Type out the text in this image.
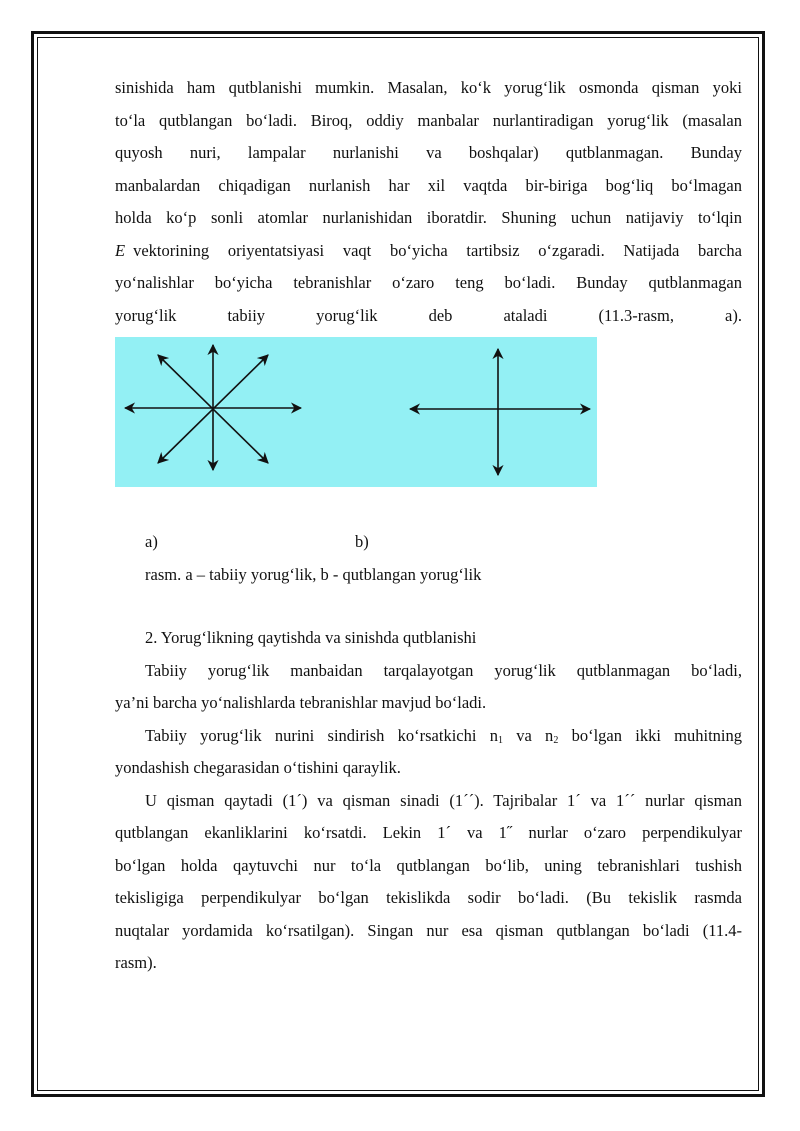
sinishida ham qutblanishi mumkin. Masalan, ko‘k yorug‘lik osmonda qisman yoki
to‘la qutblangan bo‘ladi. Biroq, oddiy manbalar nurlantiradigan yorug‘lik (masalan
quyosh nuri, lampalar nurlanishi va boshqalar) qutblanmagan. Bunday
manbalardan chiqadigan nurlanish har xil vaqtda bir-biriga bog‘liq bo‘lmagan
holda ko‘p sonli atomlar nurlanishidan iboratdir. Shuning uchun natijaviy to‘lqin
E vektorining oriyentatsiyasi vaqt bo‘yicha tartibsiz o‘zgaradi. Natijada barcha
yo‘nalishlar bo‘yicha tebranishlar o‘zaro teng bo‘ladi. Bunday qutblanmagan
yorug‘lik tabiiy yorug‘lik deb ataladi (11.3-rasm, a).
a)	b)
rasm. a – tabiiy yorug‘lik, b - qutblangan yorug‘lik
2. Yorug‘likning qaytishda va sinishda qutblanishi
Tabiiy yorug‘lik manbaidan tarqalayotgan yorug‘lik qutblanmagan bo‘ladi,
ya’ni barcha yo‘nalishlarda tebranishlar mavjud bo‘ladi.
Tabiiy yorug‘lik nurini sindirish ko‘rsatkichi $n_1$ va $n_2$ bo‘lgan ikki muhitning
yondashish chegarasidan o‘tishini qaraylik.
U qisman qaytadi (1´) va qisman sinadi (1´´). Tajribalar 1´ va 1´´ nurlar qisman
qutblangan ekanliklarini ko‘rsatdi. Lekin 1´ va 1˝ nurlar o‘zaro perpendikulyar
bo‘lgan holda qaytuvchi nur to‘la qutblangan bo‘lib, uning tebranishlari tushish
tekisligiga perpendikulyar bo‘lgan tekislikda sodir bo‘ladi. (Bu tekislik rasmda
nuqtalar yordamida ko‘rsatilgan). Singan nur esa qisman qutblangan bo‘ladi (11.4-
rasm).
